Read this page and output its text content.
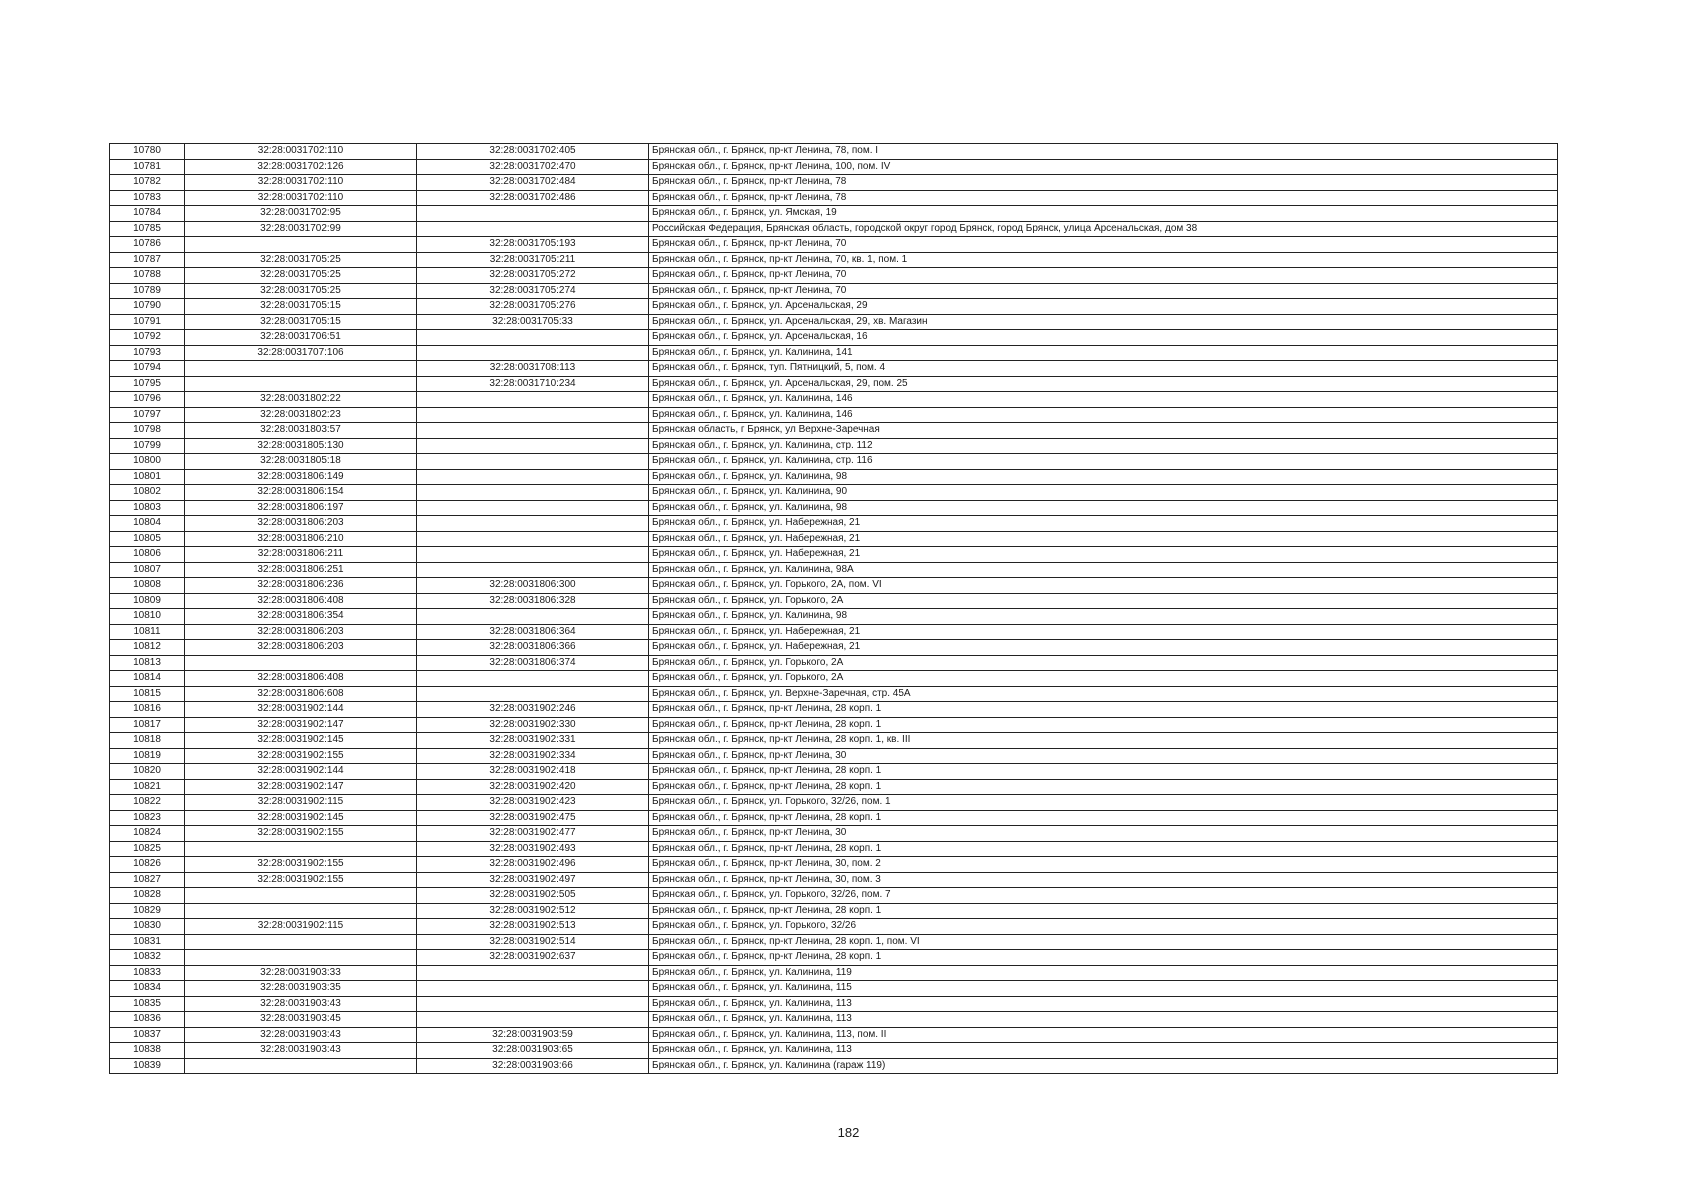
10780	32:28:0031702:110	32:28:0031702:405	Брянская обл., г. Брянск, пр-кт Ленина, 78, пом. I
10781	32:28:0031702:126	32:28:0031702:470	Брянская обл., г. Брянск, пр-кт Ленина, 100, пом. IV
10782	32:28:0031702:110	32:28:0031702:484	Брянская обл., г. Брянск, пр-кт Ленина, 78
10783	32:28:0031702:110	32:28:0031702:486	Брянская обл., г. Брянск, пр-кт Ленина, 78
10784	32:28:0031702:95		Брянская обл., г. Брянск, ул. Ямская, 19
10785	32:28:0031702:99		Российская Федерация, Брянская область, городской округ город Брянск, город Брянск, улица Арсенальская, дом 38
10786		32:28:0031705:193	Брянская обл., г. Брянск, пр-кт Ленина, 70
10787	32:28:0031705:25	32:28:0031705:211	Брянская обл., г. Брянск, пр-кт Ленина, 70, кв. 1, пом. 1
10788	32:28:0031705:25	32:28:0031705:272	Брянская обл., г. Брянск, пр-кт Ленина, 70
10789	32:28:0031705:25	32:28:0031705:274	Брянская обл., г. Брянск, пр-кт Ленина, 70
10790	32:28:0031705:15	32:28:0031705:276	Брянская обл., г. Брянск, ул. Арсенальская, 29
10791	32:28:0031705:15	32:28:0031705:33	Брянская обл., г. Брянск, ул. Арсенальская, 29, хв. Магазин
10792	32:28:0031706:51		Брянская обл., г. Брянск, ул. Арсенальская, 16
10793	32:28:0031707:106		Брянская обл., г. Брянск, ул. Калинина, 141
10794		32:28:0031708:113	Брянская обл., г. Брянск, туп. Пятницкий, 5, пом. 4
10795		32:28:0031710:234	Брянская обл., г. Брянск, ул. Арсенальская, 29, пом. 25
10796	32:28:0031802:22		Брянская обл., г. Брянск, ул. Калинина, 146
10797	32:28:0031802:23		Брянская обл., г. Брянск, ул. Калинина, 146
10798	32:28:0031803:57		Брянская область, г Брянск, ул Верхне-Заречная
10799	32:28:0031805:130		Брянская обл., г. Брянск, ул. Калинина, стр. 112
10800	32:28:0031805:18		Брянская обл., г. Брянск, ул. Калинина, стр. 116
10801	32:28:0031806:149		Брянская обл., г. Брянск, ул. Калинина, 98
10802	32:28:0031806:154		Брянская обл., г. Брянск, ул. Калинина, 90
10803	32:28:0031806:197		Брянская обл., г. Брянск, ул. Калинина, 98
10804	32:28:0031806:203		Брянская обл., г. Брянск, ул. Набережная, 21
10805	32:28:0031806:210		Брянская обл., г. Брянск, ул. Набережная, 21
10806	32:28:0031806:211		Брянская обл., г. Брянск, ул. Набережная, 21
10807	32:28:0031806:251		Брянская обл., г. Брянск, ул. Калинина, 98А
10808	32:28:0031806:236	32:28:0031806:300	Брянская обл., г. Брянск, ул. Горького, 2А, пом. VI
10809	32:28:0031806:408	32:28:0031806:328	Брянская обл., г. Брянск, ул. Горького, 2А
10810	32:28:0031806:354		Брянская обл., г. Брянск, ул. Калинина, 98
10811	32:28:0031806:203	32:28:0031806:364	Брянская обл., г. Брянск, ул. Набережная, 21
10812	32:28:0031806:203	32:28:0031806:366	Брянская обл., г. Брянск, ул. Набережная, 21
10813		32:28:0031806:374	Брянская обл., г. Брянск, ул. Горького, 2А
10814	32:28:0031806:408		Брянская обл., г. Брянск, ул. Горького, 2А
10815	32:28:0031806:608		Брянская обл., г. Брянск, ул. Верхне-Заречная, стр. 45А
10816	32:28:0031902:144	32:28:0031902:246	Брянская обл., г. Брянск, пр-кт Ленина, 28 корп. 1
10817	32:28:0031902:147	32:28:0031902:330	Брянская обл., г. Брянск, пр-кт Ленина, 28 корп. 1
10818	32:28:0031902:145	32:28:0031902:331	Брянская обл., г. Брянск, пр-кт Ленина, 28 корп. 1, кв. III
10819	32:28:0031902:155	32:28:0031902:334	Брянская обл., г. Брянск, пр-кт Ленина, 30
10820	32:28:0031902:144	32:28:0031902:418	Брянская обл., г. Брянск, пр-кт Ленина, 28 корп. 1
10821	32:28:0031902:147	32:28:0031902:420	Брянская обл., г. Брянск, пр-кт Ленина, 28 корп. 1
10822	32:28:0031902:115	32:28:0031902:423	Брянская обл., г. Брянск, ул. Горького, 32/26, пом. 1
10823	32:28:0031902:145	32:28:0031902:475	Брянская обл., г. Брянск, пр-кт Ленина, 28 корп. 1
10824	32:28:0031902:155	32:28:0031902:477	Брянская обл., г. Брянск, пр-кт Ленина, 30
10825		32:28:0031902:493	Брянская обл., г. Брянск, пр-кт Ленина, 28 корп. 1
10826	32:28:0031902:155	32:28:0031902:496	Брянская обл., г. Брянск, пр-кт Ленина, 30, пом. 2
10827	32:28:0031902:155	32:28:0031902:497	Брянская обл., г. Брянск, пр-кт Ленина, 30, пом. 3
10828		32:28:0031902:505	Брянская обл., г. Брянск, ул. Горького, 32/26, пом. 7
10829		32:28:0031902:512	Брянская обл., г. Брянск, пр-кт Ленина, 28 корп. 1
10830	32:28:0031902:115	32:28:0031902:513	Брянская обл., г. Брянск, ул. Горького, 32/26
10831		32:28:0031902:514	Брянская обл., г. Брянск, пр-кт Ленина, 28 корп. 1, пом. VI
10832		32:28:0031902:637	Брянская обл., г. Брянск, пр-кт Ленина, 28 корп. 1
10833	32:28:0031903:33		Брянская обл., г. Брянск, ул. Калинина, 119
10834	32:28:0031903:35		Брянская обл., г. Брянск, ул. Калинина, 115
10835	32:28:0031903:43		Брянская обл., г. Брянск, ул. Калинина, 113
10836	32:28:0031903:45		Брянская обл., г. Брянск, ул. Калинина, 113
10837	32:28:0031903:43	32:28:0031903:59	Брянская обл., г. Брянск, ул. Калинина, 113, пом. II
10838	32:28:0031903:43	32:28:0031903:65	Брянская обл., г. Брянск, ул. Калинина, 113
10839		32:28:0031903:66	Брянская обл., г. Брянск, ул. Калинина (гараж 119)
182
